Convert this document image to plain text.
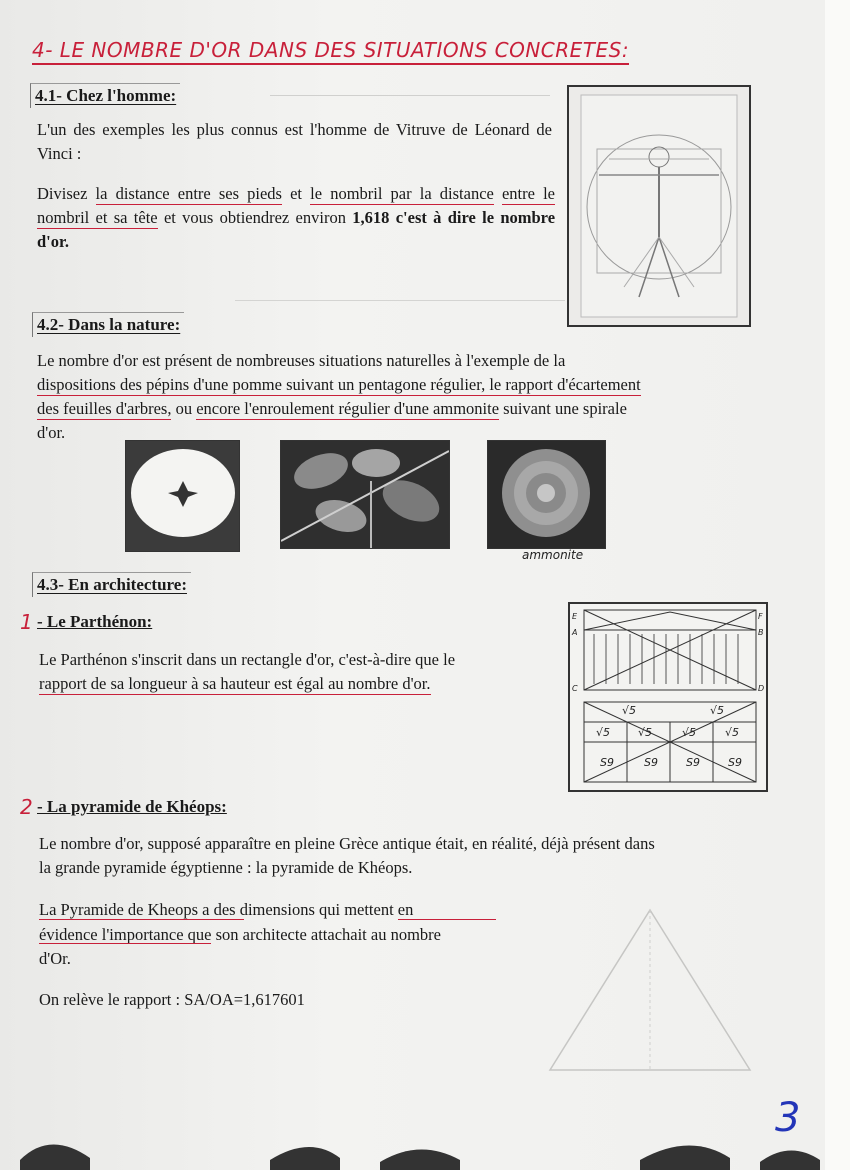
4- LE NOMBRE D'OR DANS DES SITUATIONS CONCRETES:
4.1- Chez l'homme:
L'un des exemples les plus connus est l'homme de Vitruve de Léonard de Vinci :
Divisez la distance entre ses pieds et le nombril par la distance entre le nombril et sa tête et vous obtiendrez environ 1,618 c'est à dire le nombre d'or.
4.2- Dans la nature:
Le nombre d'or est présent de nombreuses situations naturelles à l'exemple de la
dispositions des pépins d'une pomme suivant un pentagone régulier, le rapport d'écartement
des feuilles d'arbres, ou encore l'enroulement régulier d'une ammonite suivant une spirale
d'or.
ammonite
4.3- En architecture:
1 - Le Parthénon:
Le Parthénon s'inscrit dans un rectangle d'or, c'est-à-dire que le
rapport de sa longueur à sa hauteur est égal au nombre d'or.
√5	√5
√5	√5	√5	√5
S9	S9	S9	S9
E	F
A	B
C	D
2 - La pyramide de Khéops:
Le nombre d'or, supposé apparaître en pleine Grèce antique était, en réalité, déjà présent dans
la grande pyramide égyptienne : la pyramide de Khéops.
La Pyramide de Kheops a des dimensions qui mettent en
évidence l'importance que son architecte attachait au nombre
d'Or.
On relève le rapport : SA/OA=1,617601
3
